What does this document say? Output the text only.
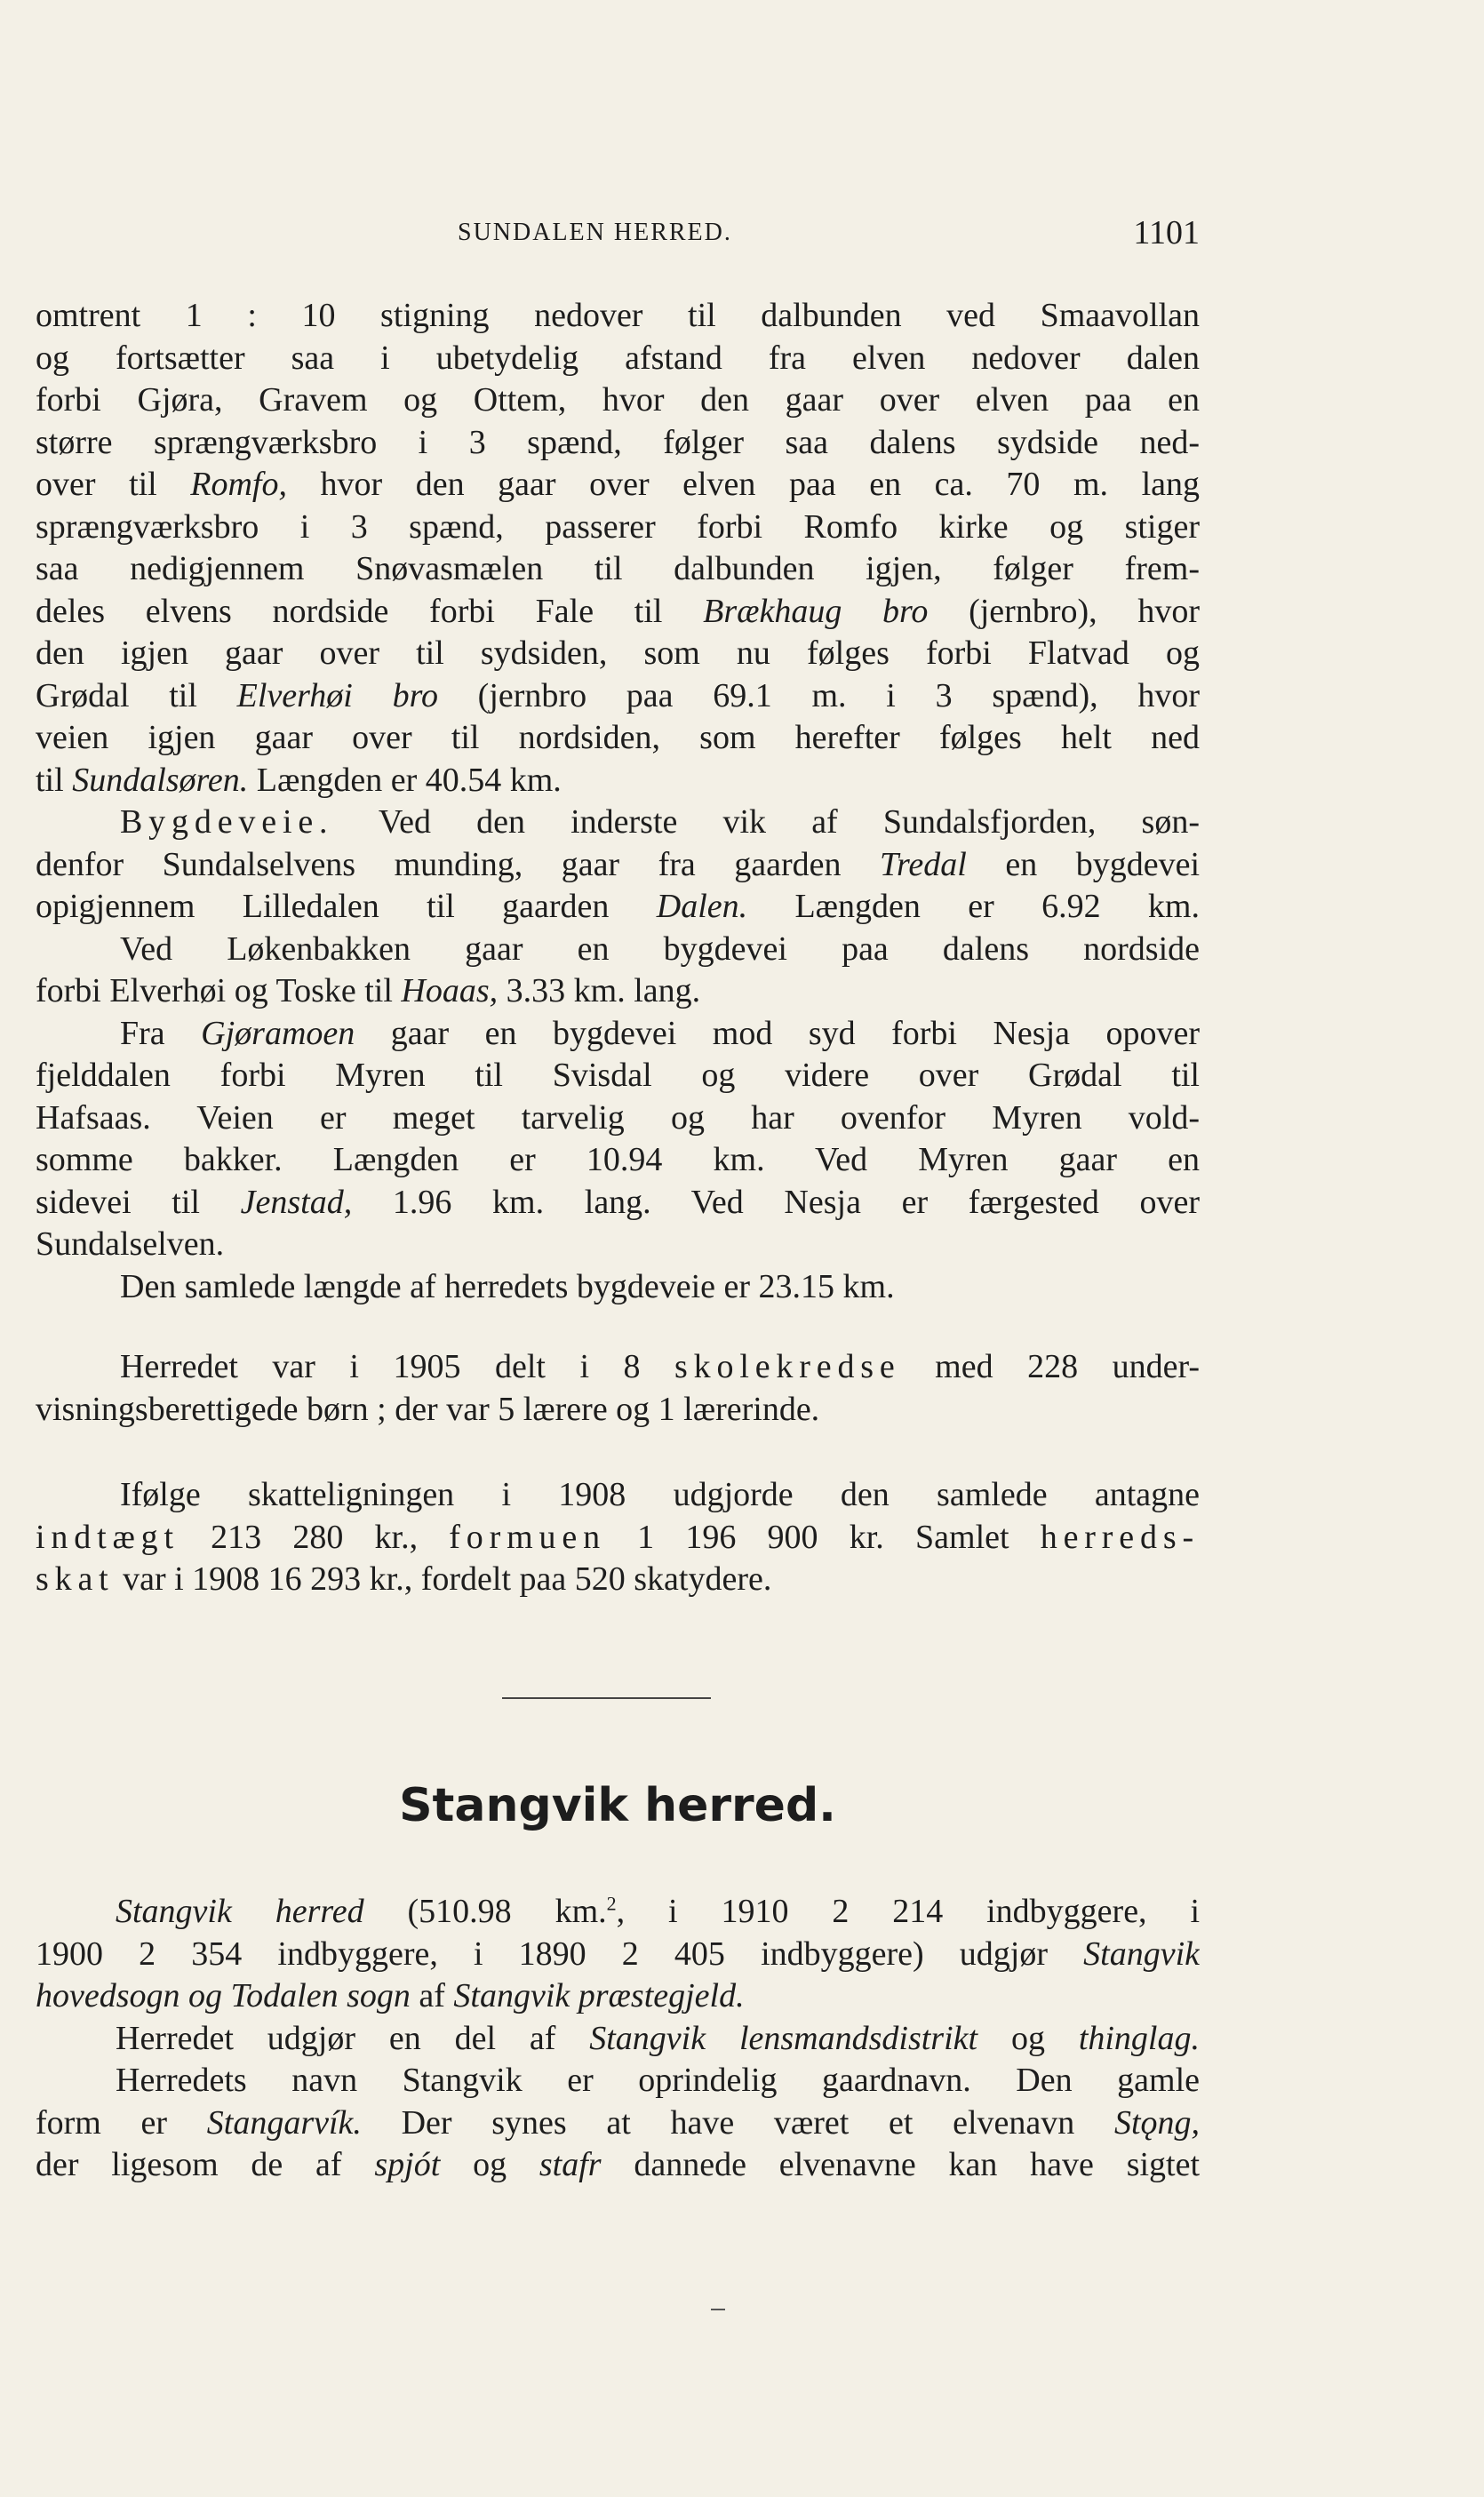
SUNDALEN HERRED.	1101
omtrent 1 : 10 stigning nedover til dalbunden ved Smaavollan
og fortsætter saa i ubetydelig afstand fra elven nedover dalen
forbi Gjøra, Gravem og Ottem, hvor den gaar over elven paa en
større sprængværksbro i 3 spænd, følger saa dalens sydside ned-
over til Romfo, hvor den gaar over elven paa en ca. 70 m. lang
sprængværksbro i 3 spænd, passerer forbi Romfo kirke og stiger
saa nedigjennem Snøvasmælen til dalbunden igjen, følger frem-
deles elvens nordside forbi Fale til Brækhaug bro (jernbro), hvor
den igjen gaar over til sydsiden, som nu følges forbi Flatvad og
Grødal til Elverhøi bro (jernbro paa 69.1 m. i 3 spænd), hvor
veien igjen gaar over til nordsiden, som herefter følges helt ned
til Sundalsøren. Længden er 40.54 km.
Bygdeveie. Ved den inderste vik af Sundalsfjorden, søn-
denfor Sundalselvens munding, gaar fra gaarden Tredal en bygdevei
opigjennem Lilledalen til gaarden Dalen. Længden er 6.92 km.
Ved Løkenbakken gaar en bygdevei paa dalens nordside
forbi Elverhøi og Toske til Hoaas, 3.33 km. lang.
Fra Gjøramoen gaar en bygdevei mod syd forbi Nesja opover
fjelddalen forbi Myren til Svisdal og videre over Grødal til
Hafsaas. Veien er meget tarvelig og har ovenfor Myren vold-
somme bakker. Længden er 10.94 km. Ved Myren gaar en
sidevei til Jenstad, 1.96 km. lang. Ved Nesja er færgested over
Sundalselven.
Den samlede længde af herredets bygdeveie er 23.15 km.
Herredet var i 1905 delt i 8 skolekredse med 228 under-
visningsberettigede børn ; der var 5 lærere og 1 lærerinde.
Ifølge skatteligningen i 1908 udgjorde den samlede antagne
indtægt 213 280 kr., formuen 1 196 900 kr. Samlet herreds-
skat var i 1908 16 293 kr., fordelt paa 520 skatydere.
Stangvik herred.
Stangvik herred (510.98 km.$^2$, i 1910 2 214 indbyggere, i
1900 2 354 indbyggere, i 1890 2 405 indbyggere) udgjør Stangvik
hovedsogn og Todalen sogn af Stangvik præstegjeld.
Herredet udgjør en del af Stangvik lensmandsdistrikt og thinglag.
Herredets navn Stangvik er oprindelig gaardnavn. Den gamle
form er Stangarvík. Der synes at have været et elvenavn Stǫng,
der ligesom de af spjót og stafr dannede elvenavne kan have sigtet
